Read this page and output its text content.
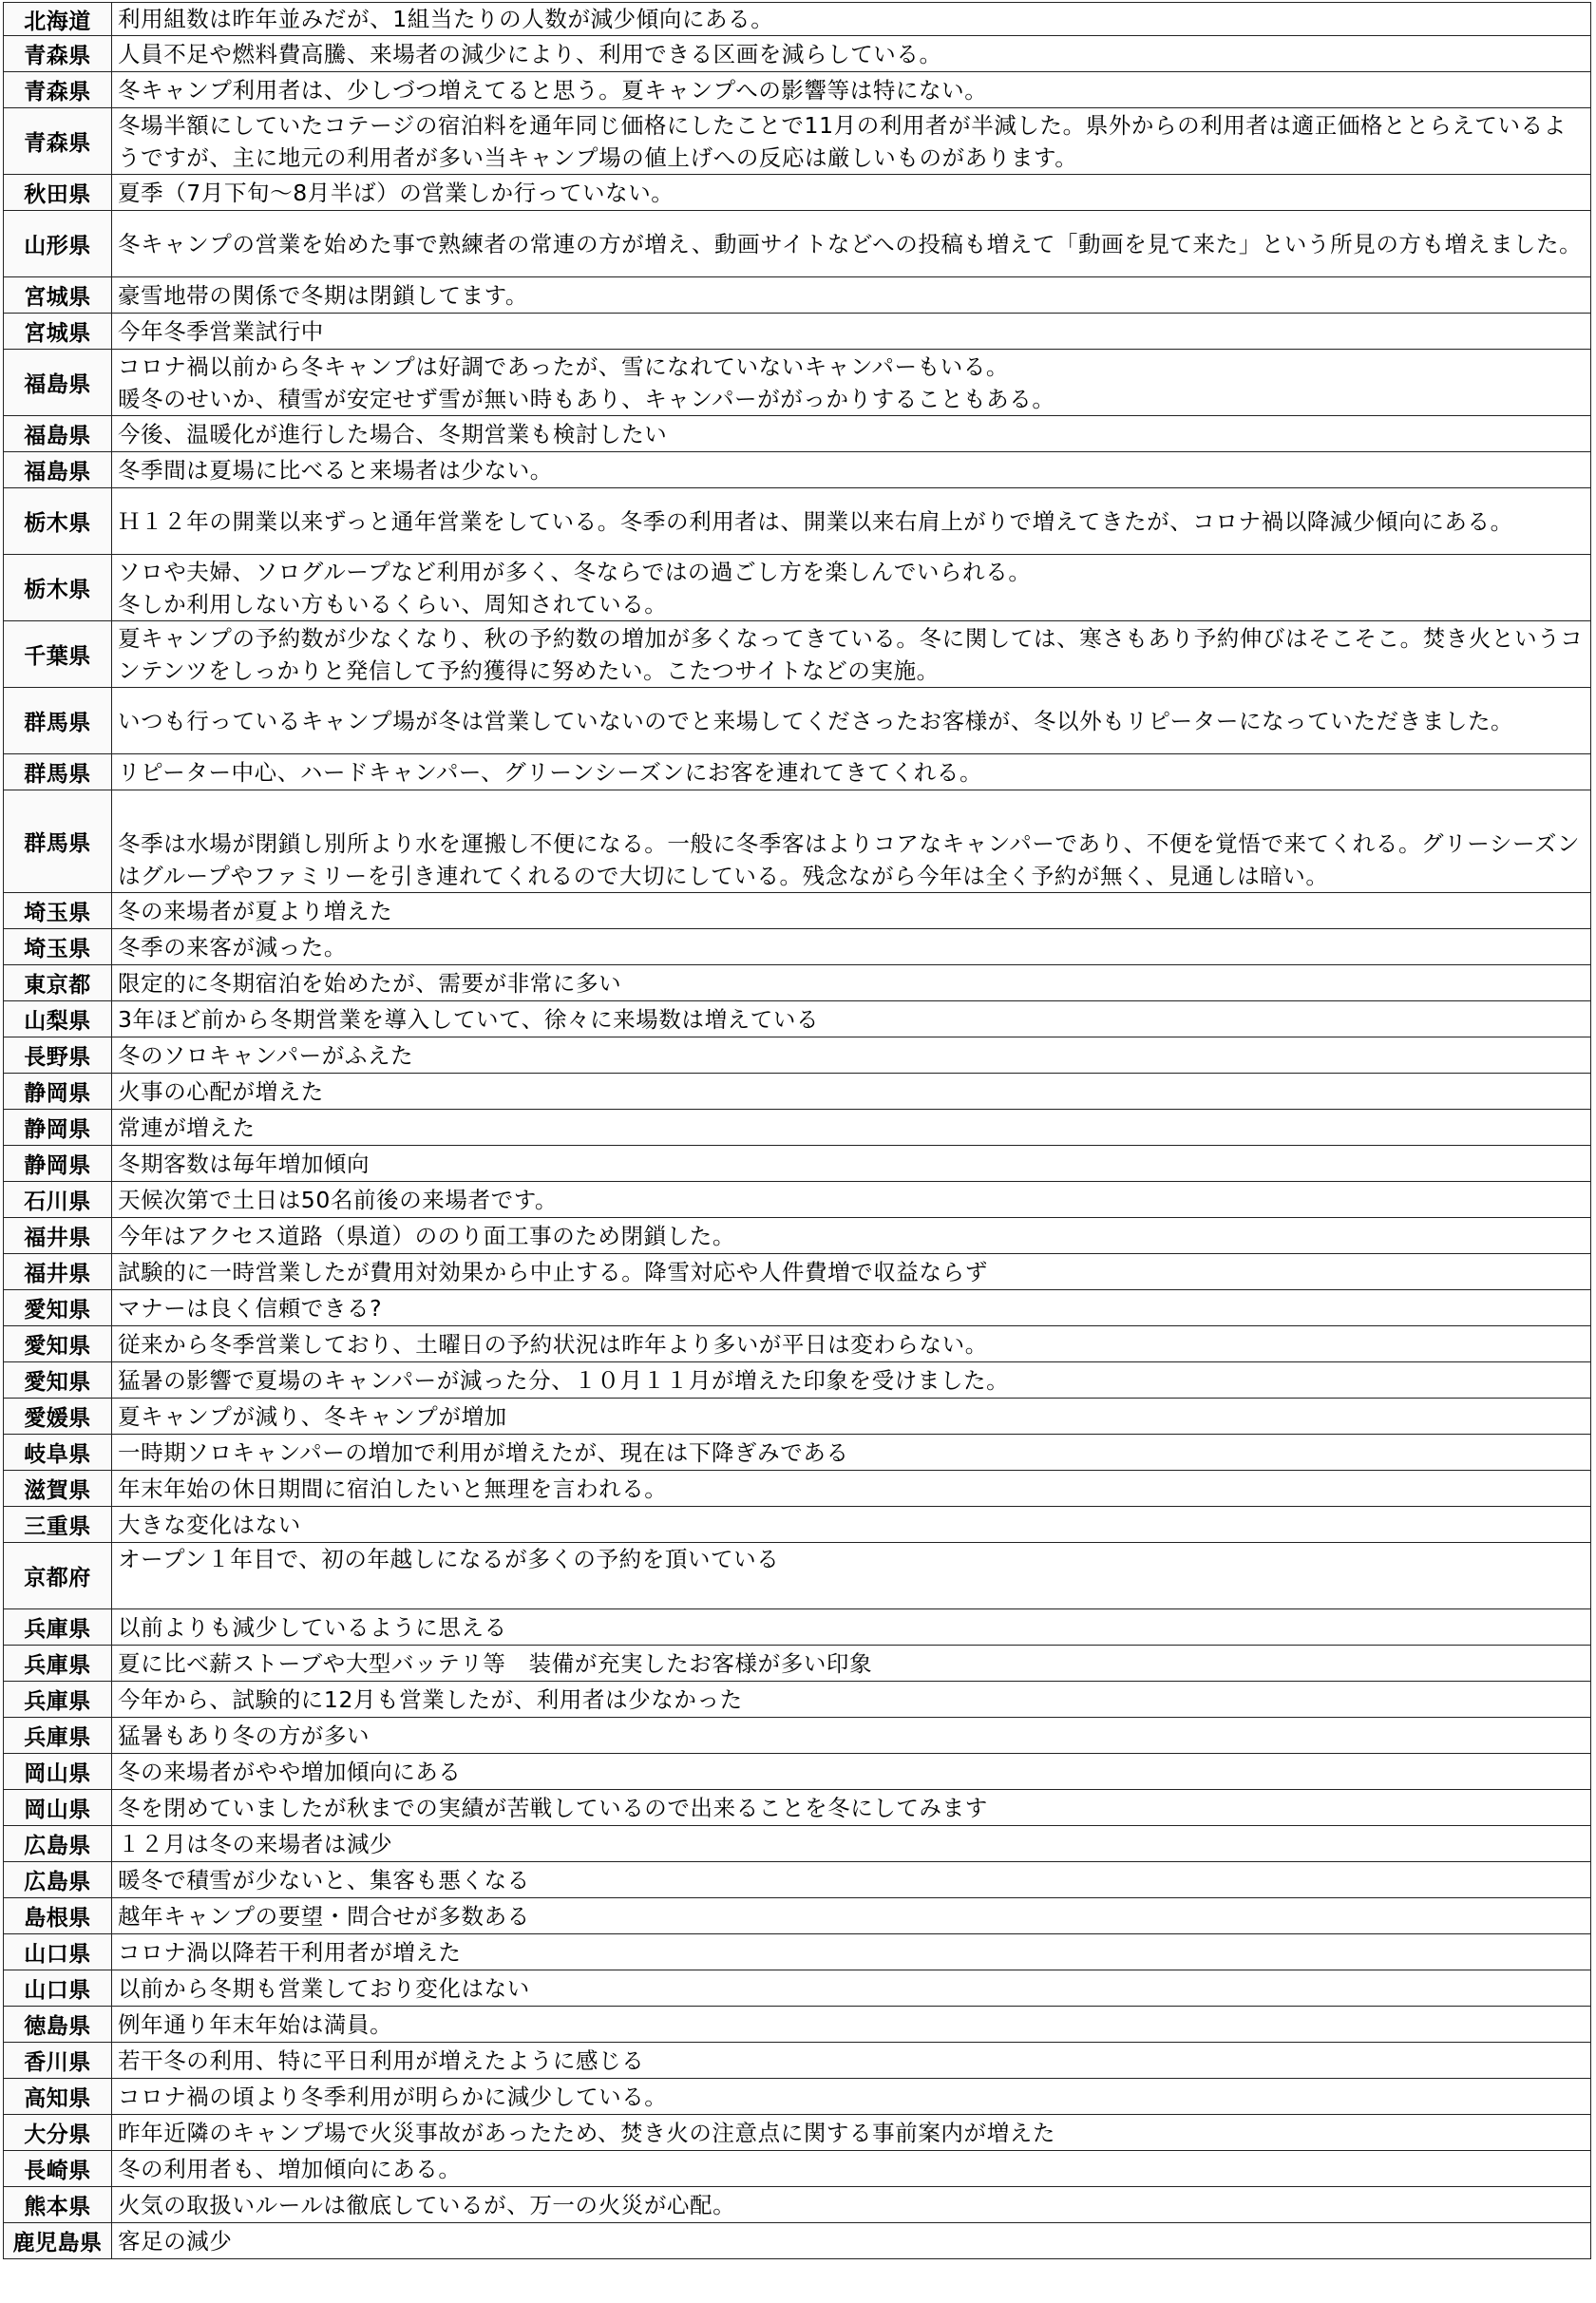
北海道	利用組数は昨年並みだが、1組当たりの人数が減少傾向にある。
青森県	人員不足や燃料費高騰、来場者の減少により、利用できる区画を減らしている。
青森県	冬キャンプ利用者は、少しづつ増えてると思う。夏キャンプへの影響等は特にない。
青森県	冬場半額にしていたコテージの宿泊料を通年同じ価格にしたことで11月の利用者が半減した。県外からの利用者は適正価格ととらえているようですが、主に地元の利用者が多い当キャンプ場の値上げへの反応は厳しいものがあります。
秋田県	夏季（7月下旬〜8月半ば）の営業しか行っていない。
山形県	冬キャンプの営業を始めた事で熟練者の常連の方が増え、動画サイトなどへの投稿も増えて「動画を見て来た」という所見の方も増えました。
宮城県	豪雪地帯の関係で冬期は閉鎖してます。
宮城県	今年冬季営業試行中
福島県	コロナ禍以前から冬キャンプは好調であったが、雪になれていないキャンパーもいる。
暖冬のせいか、積雪が安定せず雪が無い時もあり、キャンパーががっかりすることもある。
福島県	今後、温暖化が進行した場合、冬期営業も検討したい
福島県	冬季間は夏場に比べると来場者は少ない。
栃木県	Ｈ１２年の開業以来ずっと通年営業をしている。冬季の利用者は、開業以来右肩上がりで増えてきたが、コロナ禍以降減少傾向にある。
栃木県	ソロや夫婦、ソログループなど利用が多く、冬ならではの過ごし方を楽しんでいられる。
冬しか利用しない方もいるくらい、周知されている。
千葉県	夏キャンプの予約数が少なくなり、秋の予約数の増加が多くなってきている。冬に関しては、寒さもあり予約伸びはそこそこ。焚き火というコンテンツをしっかりと発信して予約獲得に努めたい。こたつサイトなどの実施。
群馬県	いつも行っているキャンプ場が冬は営業していないのでと来場してくださったお客様が、冬以外もリピーターになっていただきました。
群馬県	リピーター中心、ハードキャンパー、グリーンシーズンにお客を連れてきてくれる。
群馬県	冬季は水場が閉鎖し別所より水を運搬し不便になる。一般に冬季客はよりコアなキャンパーであり、不便を覚悟で来てくれる。グリーシーズンはグループやファミリーを引き連れてくれるので大切にしている。残念ながら今年は全く予約が無く、見通しは暗い。
埼玉県	冬の来場者が夏より増えた
埼玉県	冬季の来客が減った。
東京都	限定的に冬期宿泊を始めたが、需要が非常に多い
山梨県	3年ほど前から冬期営業を導入していて、徐々に来場数は増えている
長野県	冬のソロキャンパーがふえた
静岡県	火事の心配が増えた
静岡県	常連が増えた
静岡県	冬期客数は毎年増加傾向
石川県	天候次第で土日は50名前後の来場者です。
福井県	今年はアクセス道路（県道）ののり面工事のため閉鎖した。
福井県	試験的に一時営業したが費用対効果から中止する。降雪対応や人件費増で収益ならず
愛知県	マナーは良く信頼できる?
愛知県	従来から冬季営業しており、土曜日の予約状況は昨年より多いが平日は変わらない。
愛知県	猛暑の影響で夏場のキャンパーが減った分、１０月１１月が増えた印象を受けました。
愛媛県	夏キャンプが減り、冬キャンプが増加
岐阜県	一時期ソロキャンパーの増加で利用が増えたが、現在は下降ぎみである
滋賀県	年末年始の休日期間に宿泊したいと無理を言われる。
三重県	大きな変化はない
京都府	オープン１年目で、初の年越しになるが多くの予約を頂いている
兵庫県	以前よりも減少しているように思える
兵庫県	夏に比べ薪ストーブや大型バッテリ等　装備が充実したお客様が多い印象
兵庫県	今年から、試験的に12月も営業したが、利用者は少なかった
兵庫県	猛暑もあり冬の方が多い
岡山県	冬の来場者がやや増加傾向にある
岡山県	冬を閉めていましたが秋までの実績が苦戦しているので出来ることを冬にしてみます
広島県	１２月は冬の来場者は減少
広島県	暖冬で積雪が少ないと、集客も悪くなる
島根県	越年キャンプの要望・問合せが多数ある
山口県	コロナ渦以降若干利用者が増えた
山口県	以前から冬期も営業しており変化はない
徳島県	例年通り年末年始は満員。
香川県	若干冬の利用、特に平日利用が増えたように感じる
高知県	コロナ禍の頃より冬季利用が明らかに減少している。
大分県	昨年近隣のキャンプ場で火災事故があったため、焚き火の注意点に関する事前案内が増えた
長崎県	冬の利用者も、増加傾向にある。
熊本県	火気の取扱いルールは徹底しているが、万一の火災が心配。
鹿児島県	客足の減少
